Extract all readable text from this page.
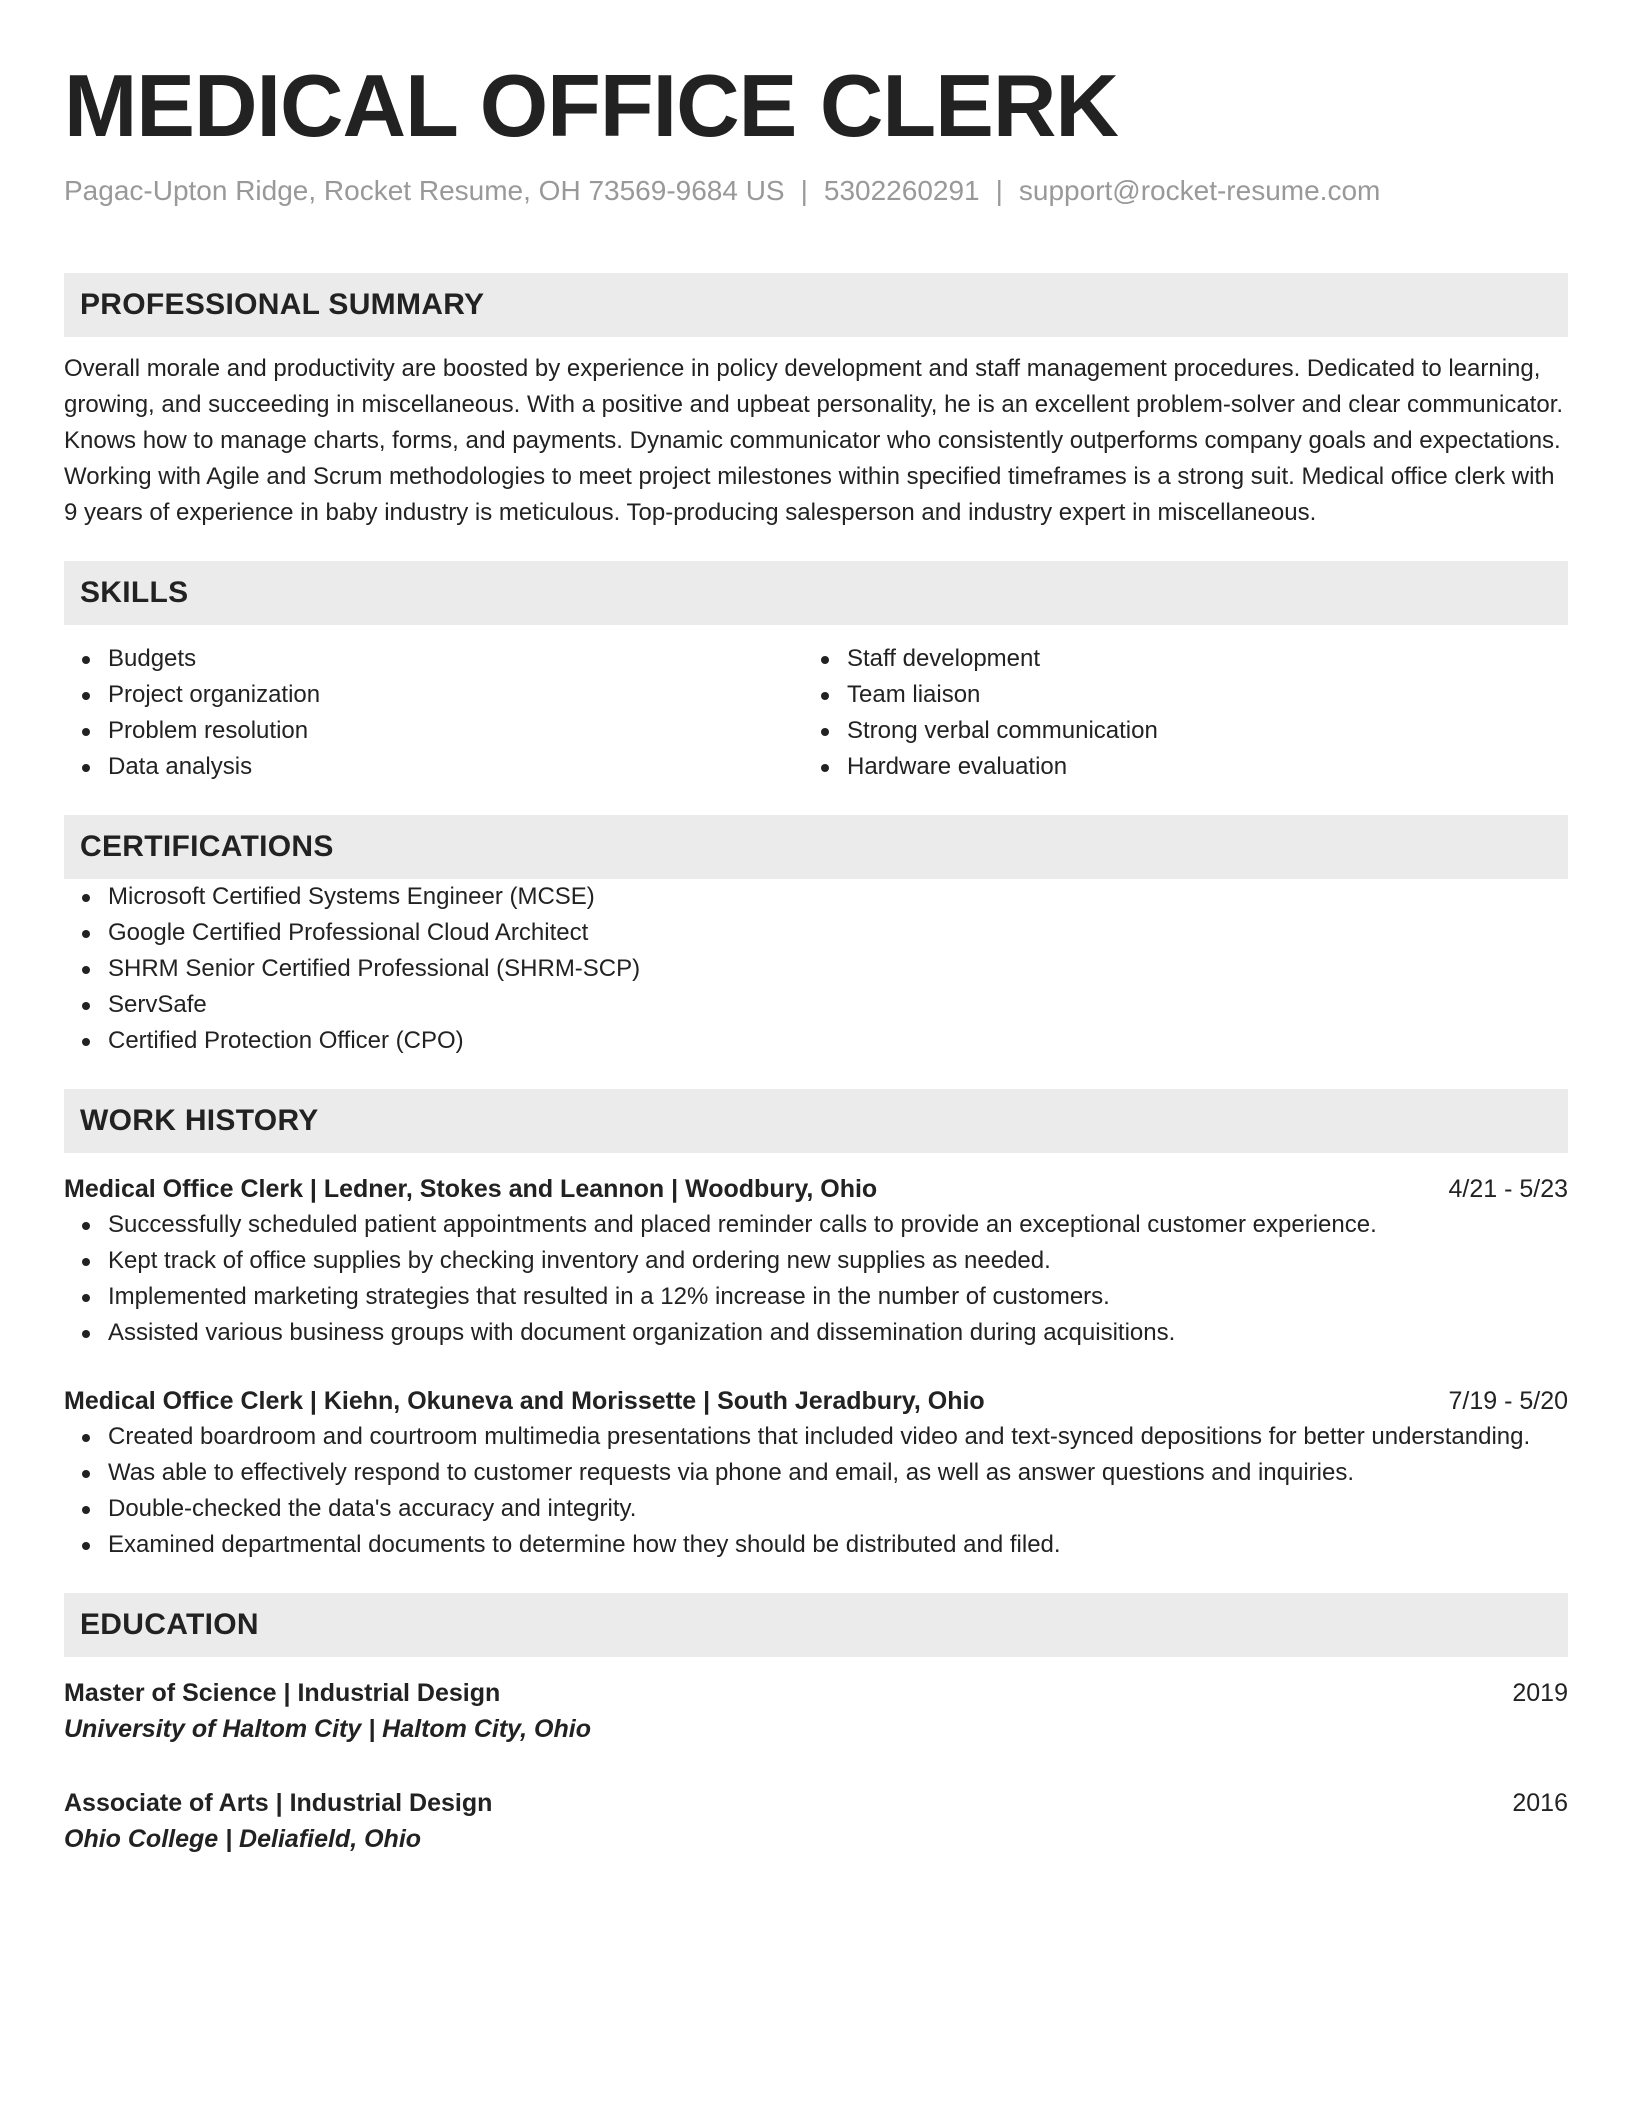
MEDICAL OFFICE CLERK
Pagac-Upton Ridge, Rocket Resume, OH 73569-9684 US | 5302260291 | support@rocket-resume.com
PROFESSIONAL SUMMARY

Overall morale and productivity are boosted by experience in policy development and staff management procedures. Dedicated to learning, growing, and succeeding in miscellaneous. With a positive and upbeat personality, he is an excellent problem-solver and clear communicator. Knows how to manage charts, forms, and payments. Dynamic communicator who consistently outperforms company goals and expectations. Working with Agile and Scrum methodologies to meet project milestones within specified timeframes is a strong suit. Medical office clerk with 9 years of experience in baby industry is meticulous. Top-producing salesperson and industry expert in miscellaneous.

SKILLS
Budgets
Project organization
Problem resolution
Data analysis
Staff development
Team liaison
Strong verbal communication
Hardware evaluation
CERTIFICATIONS
Microsoft Certified Systems Engineer (MCSE)
Google Certified Professional Cloud Architect
SHRM Senior Certified Professional (SHRM-SCP)
ServSafe
Certified Protection Officer (CPO)
WORK HISTORY
Medical Office Clerk | Ledner, Stokes and Leannon | Woodbury, Ohio	4/21 - 5/23
Successfully scheduled patient appointments and placed reminder calls to provide an exceptional customer experience.
Kept track of office supplies by checking inventory and ordering new supplies as needed.
Implemented marketing strategies that resulted in a 12% increase in the number of customers.
Assisted various business groups with document organization and dissemination during acquisitions.
Medical Office Clerk | Kiehn, Okuneva and Morissette | South Jeradbury, Ohio	7/19 - 5/20
Created boardroom and courtroom multimedia presentations that included video and text-synced depositions for better understanding.
Was able to effectively respond to customer requests via phone and email, as well as answer questions and inquiries.
Double-checked the data's accuracy and integrity.
Examined departmental documents to determine how they should be distributed and filed.
EDUCATION
Master of Science | Industrial Design	2019
University of Haltom City | Haltom City, Ohio
Associate of Arts | Industrial Design	2016
Ohio College | Deliafield, Ohio
